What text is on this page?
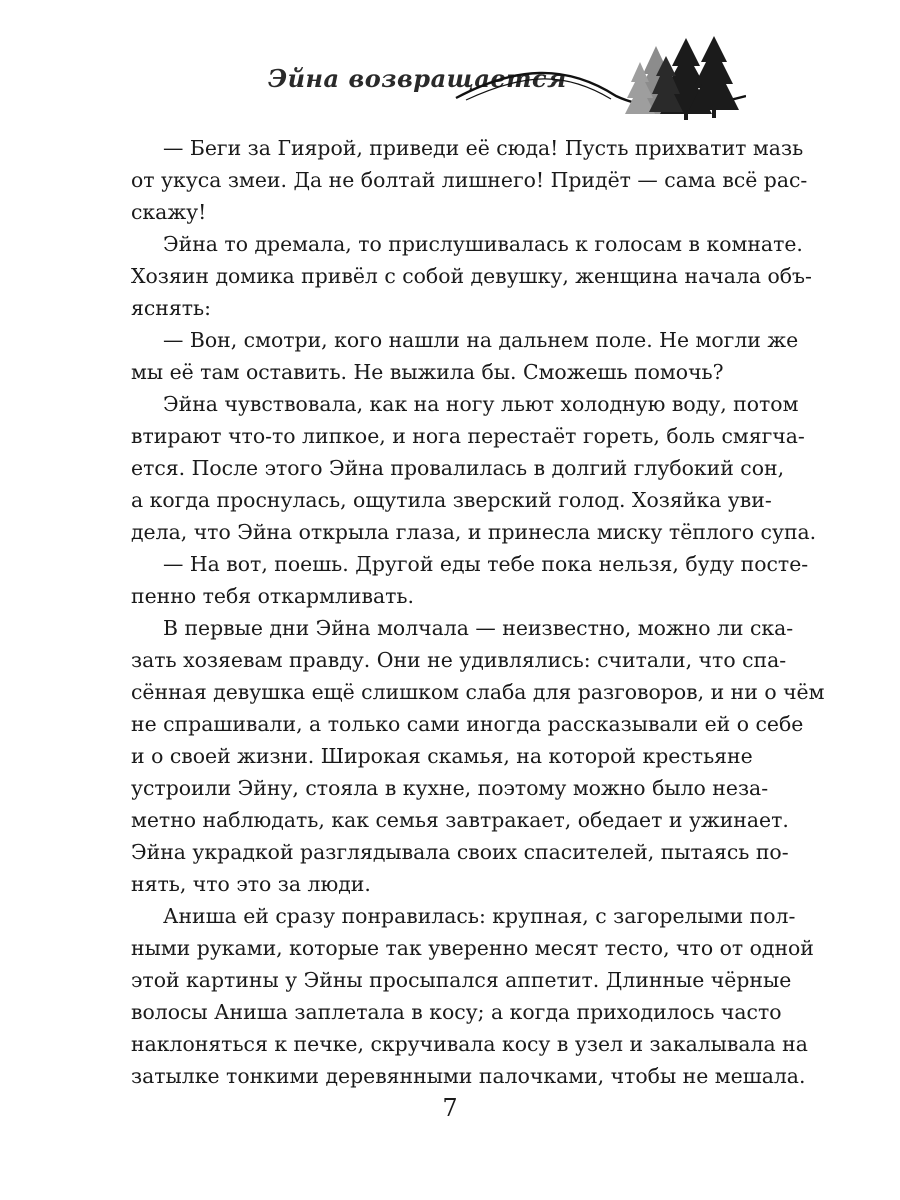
Эйна возвращается
— Беги за Гиярой, приведи её сюда! Пусть прихватит мазь
от укуса змеи. Да не болтай лишнего! Придёт — сама всё рас-
скажу!
Эйна то дремала, то прислушивалась к голосам в комнате.
Хозяин домика привёл с собой девушку, женщина начала объ-
яснять:
— Вон, смотри, кого нашли на дальнем поле. Не могли же
мы её там оставить. Не выжила бы. Сможешь помочь?
Эйна чувствовала, как на ногу льют холодную воду, потом
втирают что-то липкое, и нога перестаёт гореть, боль смягча-
ется. После этого Эйна провалилась в долгий глубокий сон,
а когда проснулась, ощутила зверский голод. Хозяйка уви-
дела, что Эйна открыла глаза, и принесла миску тёплого супа.
— На вот, поешь. Другой еды тебе пока нельзя, буду посте-
пенно тебя откармливать.
В первые дни Эйна молчала — неизвестно, можно ли ска-
зать хозяевам правду. Они не удивлялись: считали, что спа-
сённая девушка ещё слишком слаба для разговоров, и ни о чём
не спрашивали, а только сами иногда рассказывали ей о себе
и о своей жизни. Широкая скамья, на которой крестьяне
устроили Эйну, стояла в кухне, поэтому можно было неза-
метно наблюдать, как семья завтракает, обедает и ужинает.
Эйна украдкой разглядывала своих спасителей, пытаясь по-
нять, что это за люди.
Аниша ей сразу понравилась: крупная, с загорелыми пол-
ными руками, которые так уверенно месят тесто, что от одной
этой картины у Эйны просыпался аппетит. Длинные чёрные
волосы Аниша заплетала в косу; а когда приходилось часто
наклоняться к печке, скручивала косу в узел и закалывала на
затылке тонкими деревянными палочками, чтобы не мешала.
7
